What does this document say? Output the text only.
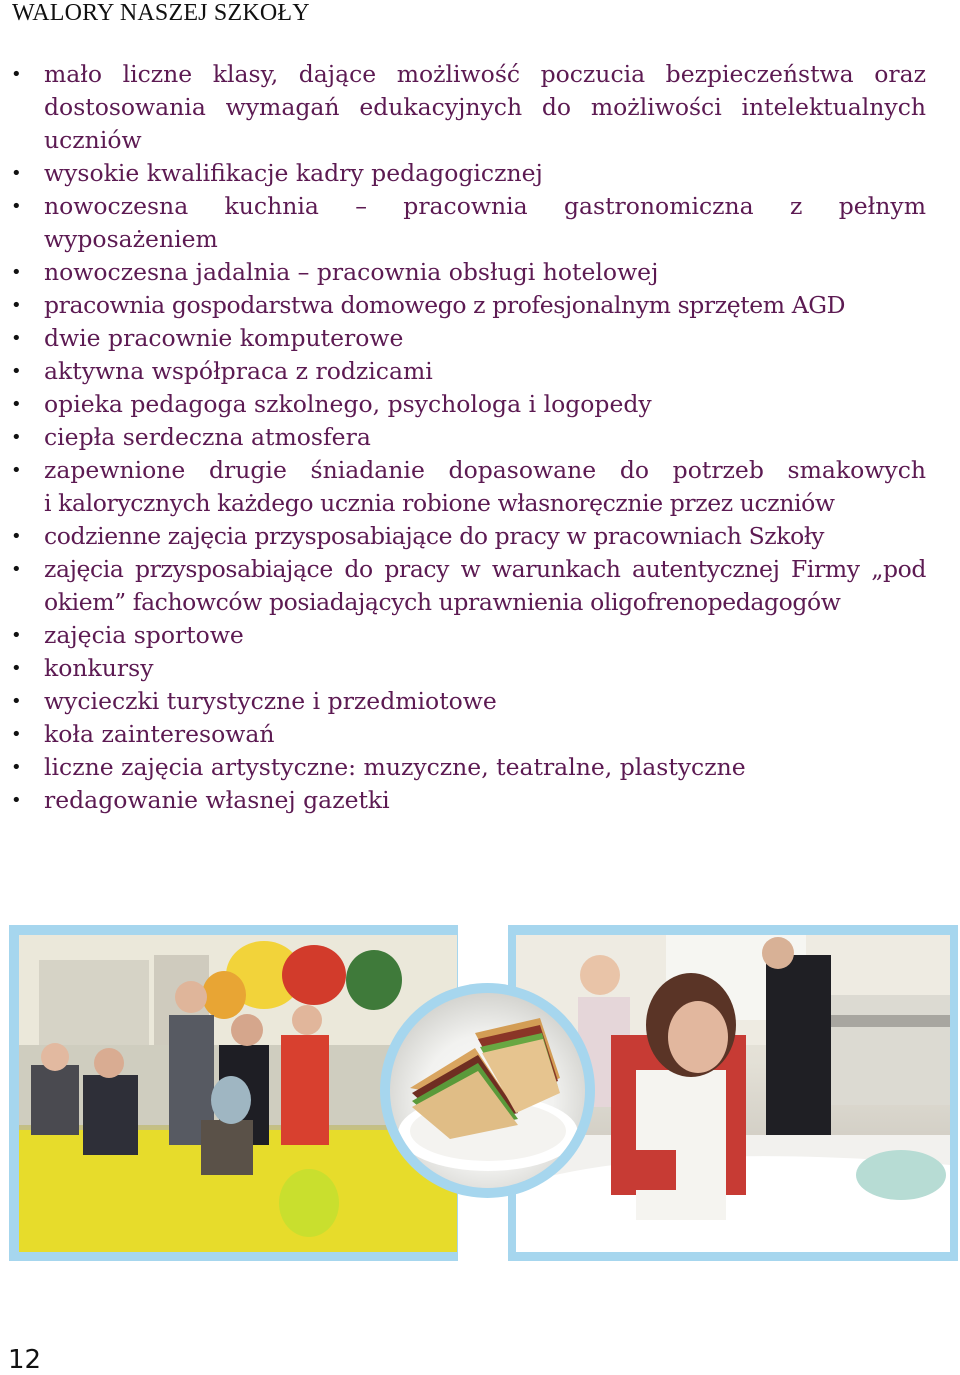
WALORY NASZEJ SZKOŁY
• mało liczne klasy, dające możliwość poczucia bezpieczeństwa oraz
dostosowania wymagań edukacyjnych do możliwości intelektualnych
uczniów
• wysokie kwalifikacje kadry pedagogicznej
• nowoczesna kuchnia – pracownia gastronomiczna z pełnym
wyposażeniem
• nowoczesna jadalnia – pracownia obsługi hotelowej
• pracownia gospodarstwa domowego z profesjonalnym sprzętem AGD
• dwie pracownie komputerowe
• aktywna współpraca z rodzicami
• opieka pedagoga szkolnego, psychologa i logopedy
• ciepła serdeczna atmosfera
• zapewnione drugie śniadanie dopasowane do potrzeb smakowych
i kalorycznych każdego ucznia robione własnoręcznie przez uczniów
• codzienne zajęcia przysposabiające do pracy w pracowniach Szkoły
• zajęcia przysposabiające do pracy w warunkach autentycznej Firmy „pod
okiem” fachowców posiadających uprawnienia oligofrenopedagogów
• zajęcia sportowe
• konkursy
• wycieczki turystyczne i przedmiotowe
• koła zainteresowań
• liczne zajęcia artystyczne: muzyczne, teatralne, plastyczne
• redagowanie własnej gazetki
12
